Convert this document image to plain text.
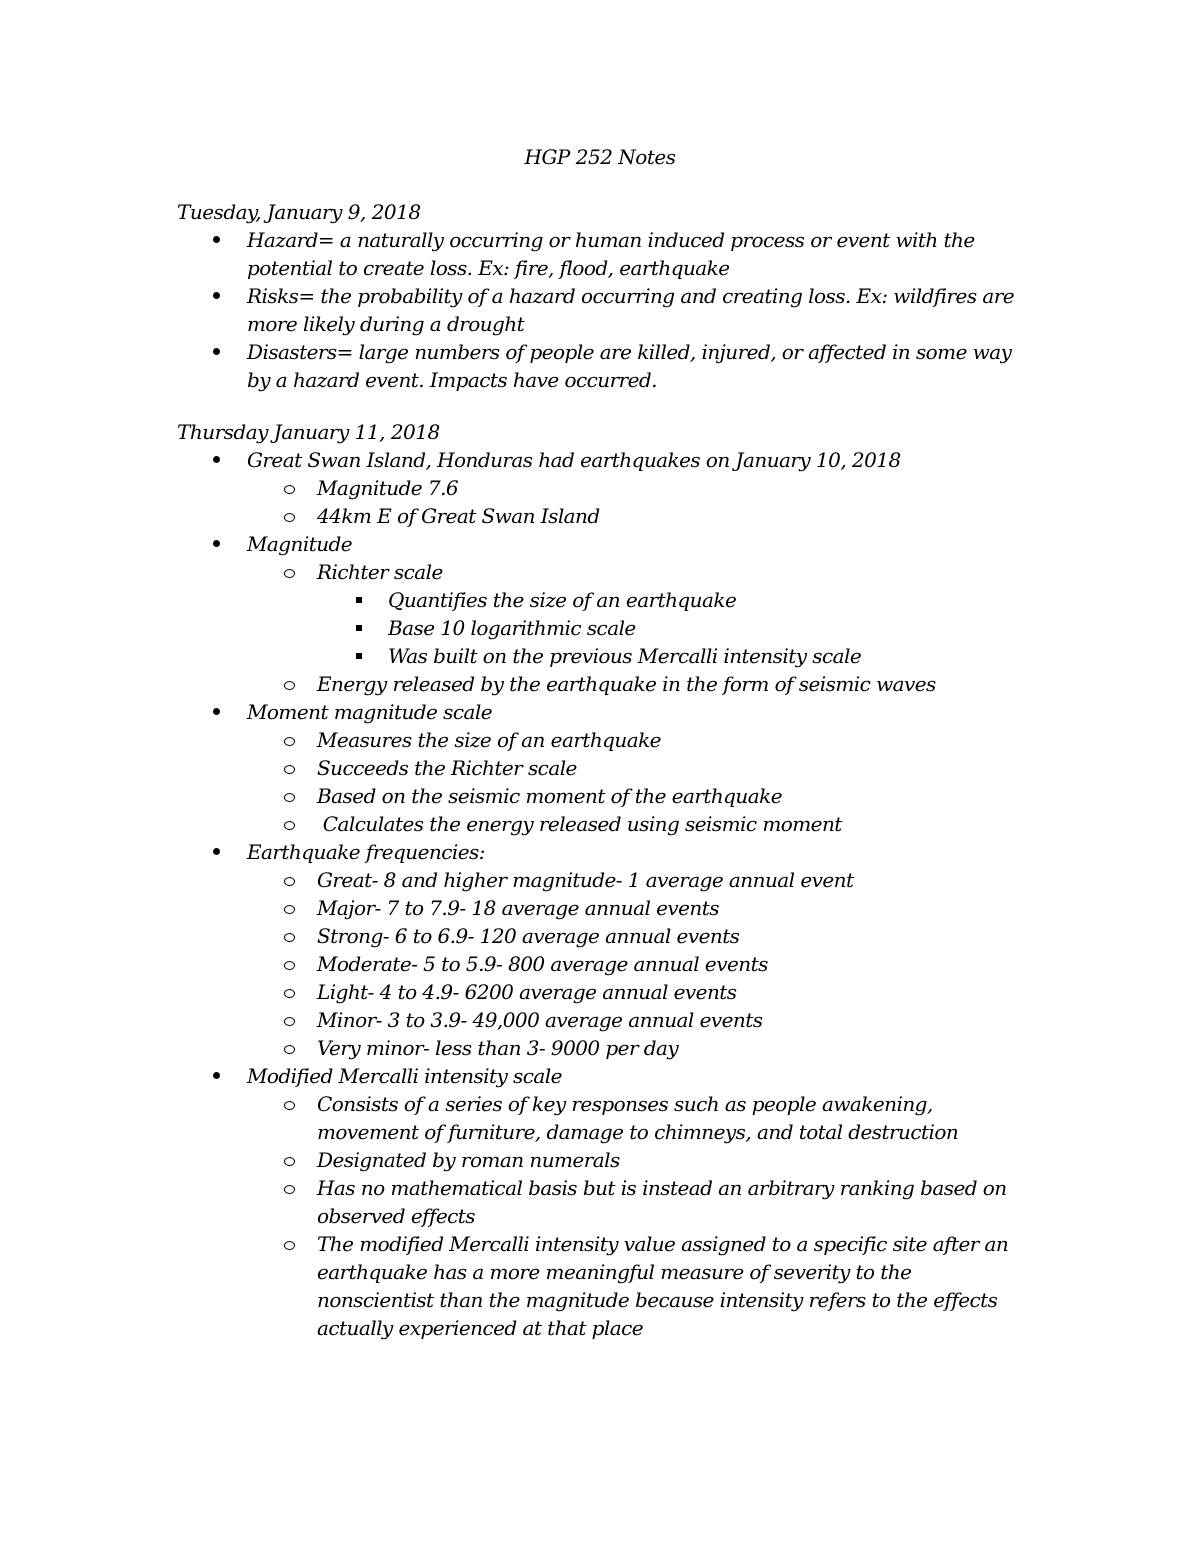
HGP 252 Notes
Tuesday, January 9, 2018
Hazard= a naturally occurring or human induced process or event with the potential to create loss. Ex: fire, flood, earthquake
Risks= the probability of a hazard occurring and creating loss. Ex: wildfires are more likely during a drought
Disasters= large numbers of people are killed, injured, or affected in some way by a hazard event. Impacts have occurred.
Thursday January 11, 2018
Great Swan Island, Honduras had earthquakes on January 10, 2018
Magnitude 7.6
44km E of Great Swan Island
Magnitude
Richter scale
Quantifies the size of an earthquake
Base 10 logarithmic scale
Was built on the previous Mercalli intensity scale
Energy released by the earthquake in the form of seismic waves
Moment magnitude scale
Measures the size of an earthquake
Succeeds the Richter scale
Based on the seismic moment of the earthquake
Calculates the energy released using seismic moment
Earthquake frequencies:
Great- 8 and higher magnitude- 1 average annual event
Major- 7 to 7.9- 18 average annual events
Strong- 6 to 6.9- 120 average annual events
Moderate- 5 to 5.9- 800 average annual events
Light- 4 to 4.9- 6200 average annual events
Minor- 3 to 3.9- 49,000 average annual events
Very minor- less than 3- 9000 per day
Modified Mercalli intensity scale
Consists of a series of key responses such as people awakening, movement of furniture, damage to chimneys, and total destruction
Designated by roman numerals
Has no mathematical basis but is instead an arbitrary ranking based on observed effects
The modified Mercalli intensity value assigned to a specific site after an earthquake has a more meaningful measure of severity to the nonscientist than the magnitude because intensity refers to the effects actually experienced at that place
